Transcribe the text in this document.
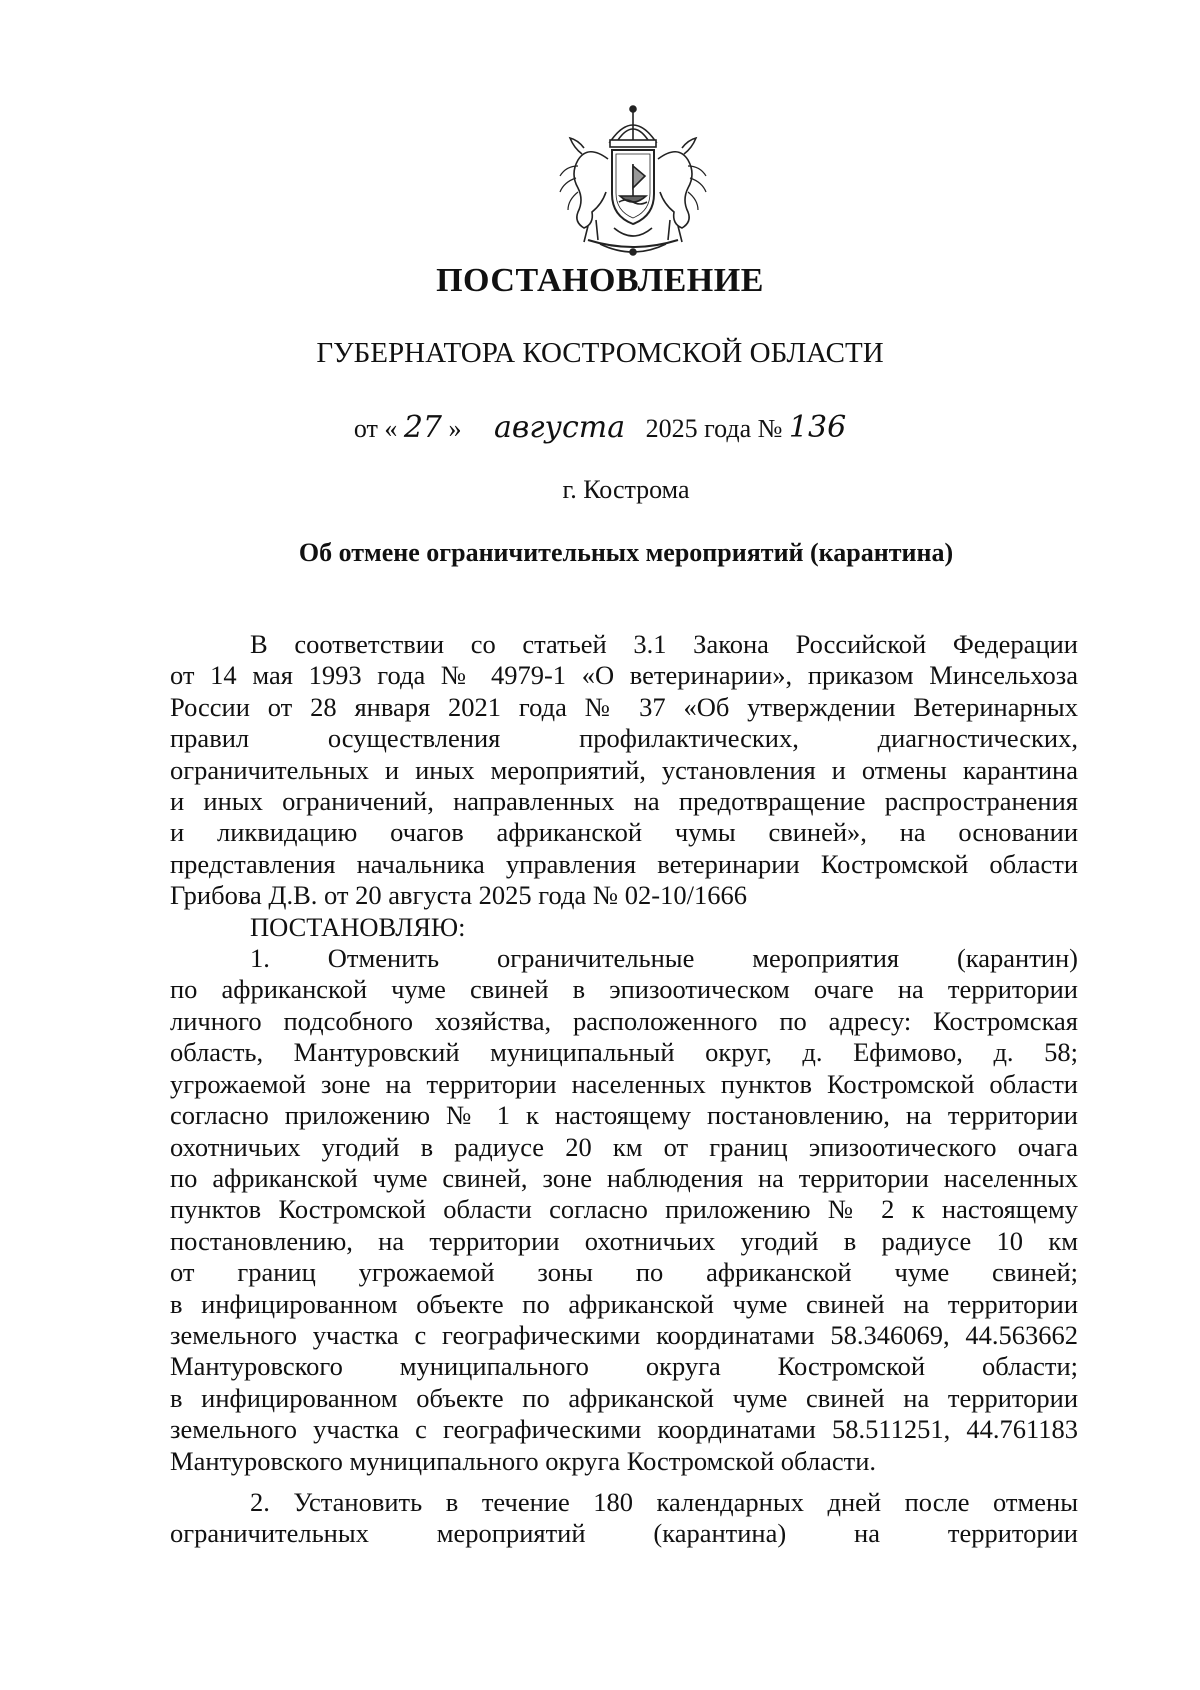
ПОСТАНОВЛЕНИЕ
ГУБЕРНАТОРА КОСТРОМСКОЙ ОБЛАСТИ
от « 27 » августа 2025 года № 136
г. Кострома
Об отмене ограничительных мероприятий (карантина)
В соответствии со статьей 3.1 Закона Российской Федерации
от 14 мая 1993 года № 4979-1 «О ветеринарии», приказом Минсельхоза
России от 28 января 2021 года № 37 «Об утверждении Ветеринарных
правил осуществления профилактических, диагностических,
ограничительных и иных мероприятий, установления и отмены карантина
и иных ограничений, направленных на предотвращение распространения
и ликвидацию очагов африканской чумы свиней», на основании
представления начальника управления ветеринарии Костромской области
Грибова Д.В. от 20 августа 2025 года № 02-10/1666
ПОСТАНОВЛЯЮ:
1. Отменить ограничительные мероприятия (карантин)
по африканской чуме свиней в эпизоотическом очаге на территории
личного подсобного хозяйства, расположенного по адресу: Костромская
область, Мантуровский муниципальный округ, д. Ефимово, д. 58;
угрожаемой зоне на территории населенных пунктов Костромской области
согласно приложению № 1 к настоящему постановлению, на территории
охотничьих угодий в радиусе 20 км от границ эпизоотического очага
по африканской чуме свиней, зоне наблюдения на территории населенных
пунктов Костромской области согласно приложению № 2 к настоящему
постановлению, на территории охотничьих угодий в радиусе 10 км
от границ угрожаемой зоны по африканской чуме свиней;
в инфицированном объекте по африканской чуме свиней на территории
земельного участка с географическими координатами 58.346069, 44.563662
Мантуровского муниципального округа Костромской области;
в инфицированном объекте по африканской чуме свиней на территории
земельного участка с географическими координатами 58.511251, 44.761183
Мантуровского муниципального округа Костромской области.
2. Установить в течение 180 календарных дней после отмены
ограничительных мероприятий (карантина) на территории
